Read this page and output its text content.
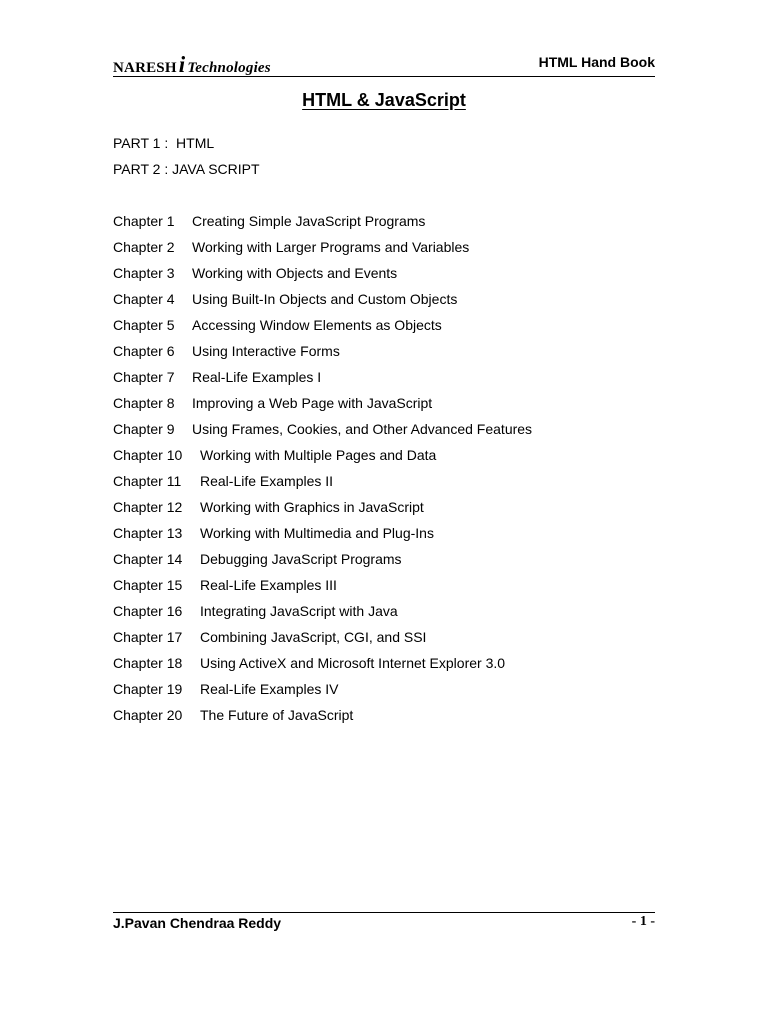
NARESHi Technologies	HTML Hand Book
HTML & JavaScript
PART 1 :  HTML
PART 2 : JAVA SCRIPT
Chapter 1 Creating Simple JavaScript Programs
Chapter 2 Working with Larger Programs and Variables
Chapter 3 Working with Objects and Events
Chapter 4 Using Built-In Objects and Custom Objects
Chapter 5 Accessing Window Elements as Objects
Chapter 6 Using Interactive Forms
Chapter 7 Real-Life Examples I
Chapter 8 Improving a Web Page with JavaScript
Chapter 9 Using Frames, Cookies, and Other Advanced Features
Chapter 10 Working with Multiple Pages and Data
Chapter 11 Real-Life Examples II
Chapter 12 Working with Graphics in JavaScript
Chapter 13 Working with Multimedia and Plug-Ins
Chapter 14 Debugging JavaScript Programs
Chapter 15 Real-Life Examples III
Chapter 16 Integrating JavaScript with Java
Chapter 17 Combining JavaScript, CGI, and SSI
Chapter 18 Using ActiveX and Microsoft Internet Explorer 3.0
Chapter 19 Real-Life Examples IV
Chapter 20 The Future of JavaScript
J.Pavan Chendraa Reddy	- 1 -
